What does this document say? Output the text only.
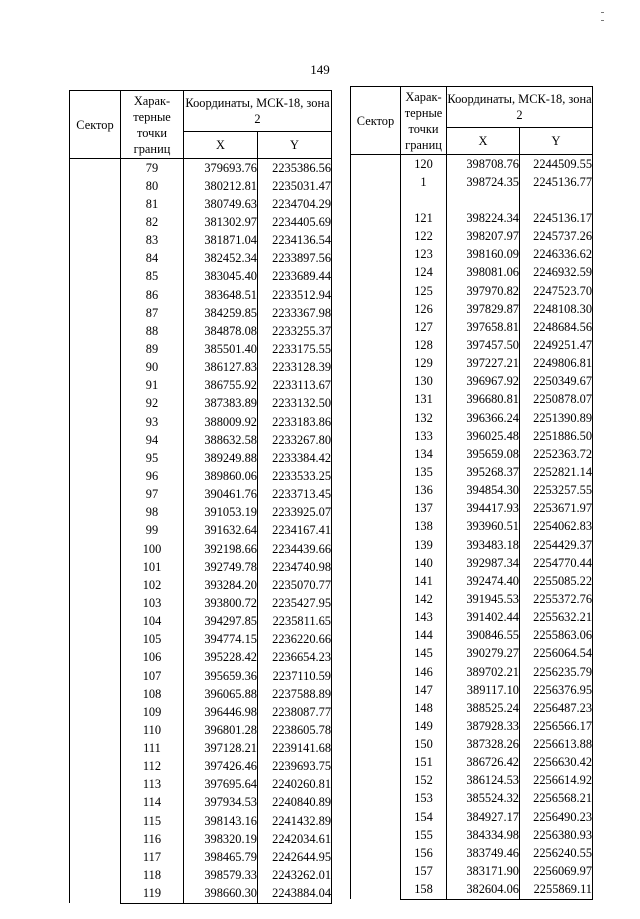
149
Сектор	Харак-терные точки границ	Координаты, МСК-18, зона 2	
		X	Y
	79	379693.76	2235386.56
	80	380212.81	2235031.47
	81	380749.63	2234704.29
	82	381302.97	2234405.69
	83	381871.04	2234136.54
	84	382452.34	2233897.56
	85	383045.40	2233689.44
	86	383648.51	2233512.94
	87	384259.85	2233367.98
	88	384878.08	2233255.37
	89	385501.40	2233175.55
	90	386127.83	2233128.39
	91	386755.92	2233113.67
	92	387383.89	2233132.50
	93	388009.92	2233183.86
	94	388632.58	2233267.80
	95	389249.88	2233384.42
	96	389860.06	2233533.25
	97	390461.76	2233713.45
	98	391053.19	2233925.07
	99	391632.64	2234167.41
	100	392198.66	2234439.66
	101	392749.78	2234740.98
	102	393284.20	2235070.77
	103	393800.72	2235427.95
	104	394297.85	2235811.65
	105	394774.15	2236220.66
	106	395228.42	2236654.23
	107	395659.36	2237110.59
	108	396065.88	2237588.89
	109	396446.98	2238087.77
	110	396801.28	2238605.78
	111	397128.21	2239141.68
	112	397426.46	2239693.75
	113	397695.64	2240260.81
	114	397934.53	2240840.89
	115	398143.16	2241432.89
	116	398320.19	2242034.61
	117	398465.79	2242644.95
	118	398579.33	2243262.01
	119	398660.30	2243884.04
Сектор	Харак-терные точки границ	Координаты, МСК-18, зона 2	
		X	Y
	120	398708.76	2244509.55
	1	398724.35	2245136.77

	121	398224.34	2245136.17
	122	398207.97	2245737.26
	123	398160.09	2246336.62
	124	398081.06	2246932.59
	125	397970.82	2247523.70
	126	397829.87	2248108.30
	127	397658.81	2248684.56
	128	397457.50	2249251.47
	129	397227.21	2249806.81
	130	396967.92	2250349.67
	131	396680.81	2250878.07
	132	396366.24	2251390.89
	133	396025.48	2251886.50
	134	395659.08	2252363.72
	135	395268.37	2252821.14
	136	394854.30	2253257.55
	137	394417.93	2253671.97
	138	393960.51	2254062.83
	139	393483.18	2254429.37
	140	392987.34	2254770.44
	141	392474.40	2255085.22
	142	391945.53	2255372.76
	143	391402.44	2255632.21
	144	390846.55	2255863.06
	145	390279.27	2256064.54
	146	389702.21	2256235.79
	147	389117.10	2256376.95
	148	388525.24	2256487.23
	149	387928.33	2256566.17
	150	387328.26	2256613.88
	151	386726.42	2256630.42
	152	386124.53	2256614.92
	153	385524.32	2256568.21
	154	384927.17	2256490.23
	155	384334.98	2256380.93
	156	383749.46	2256240.55
	157	383171.90	2256069.97
	158	382604.06	2255869.11
